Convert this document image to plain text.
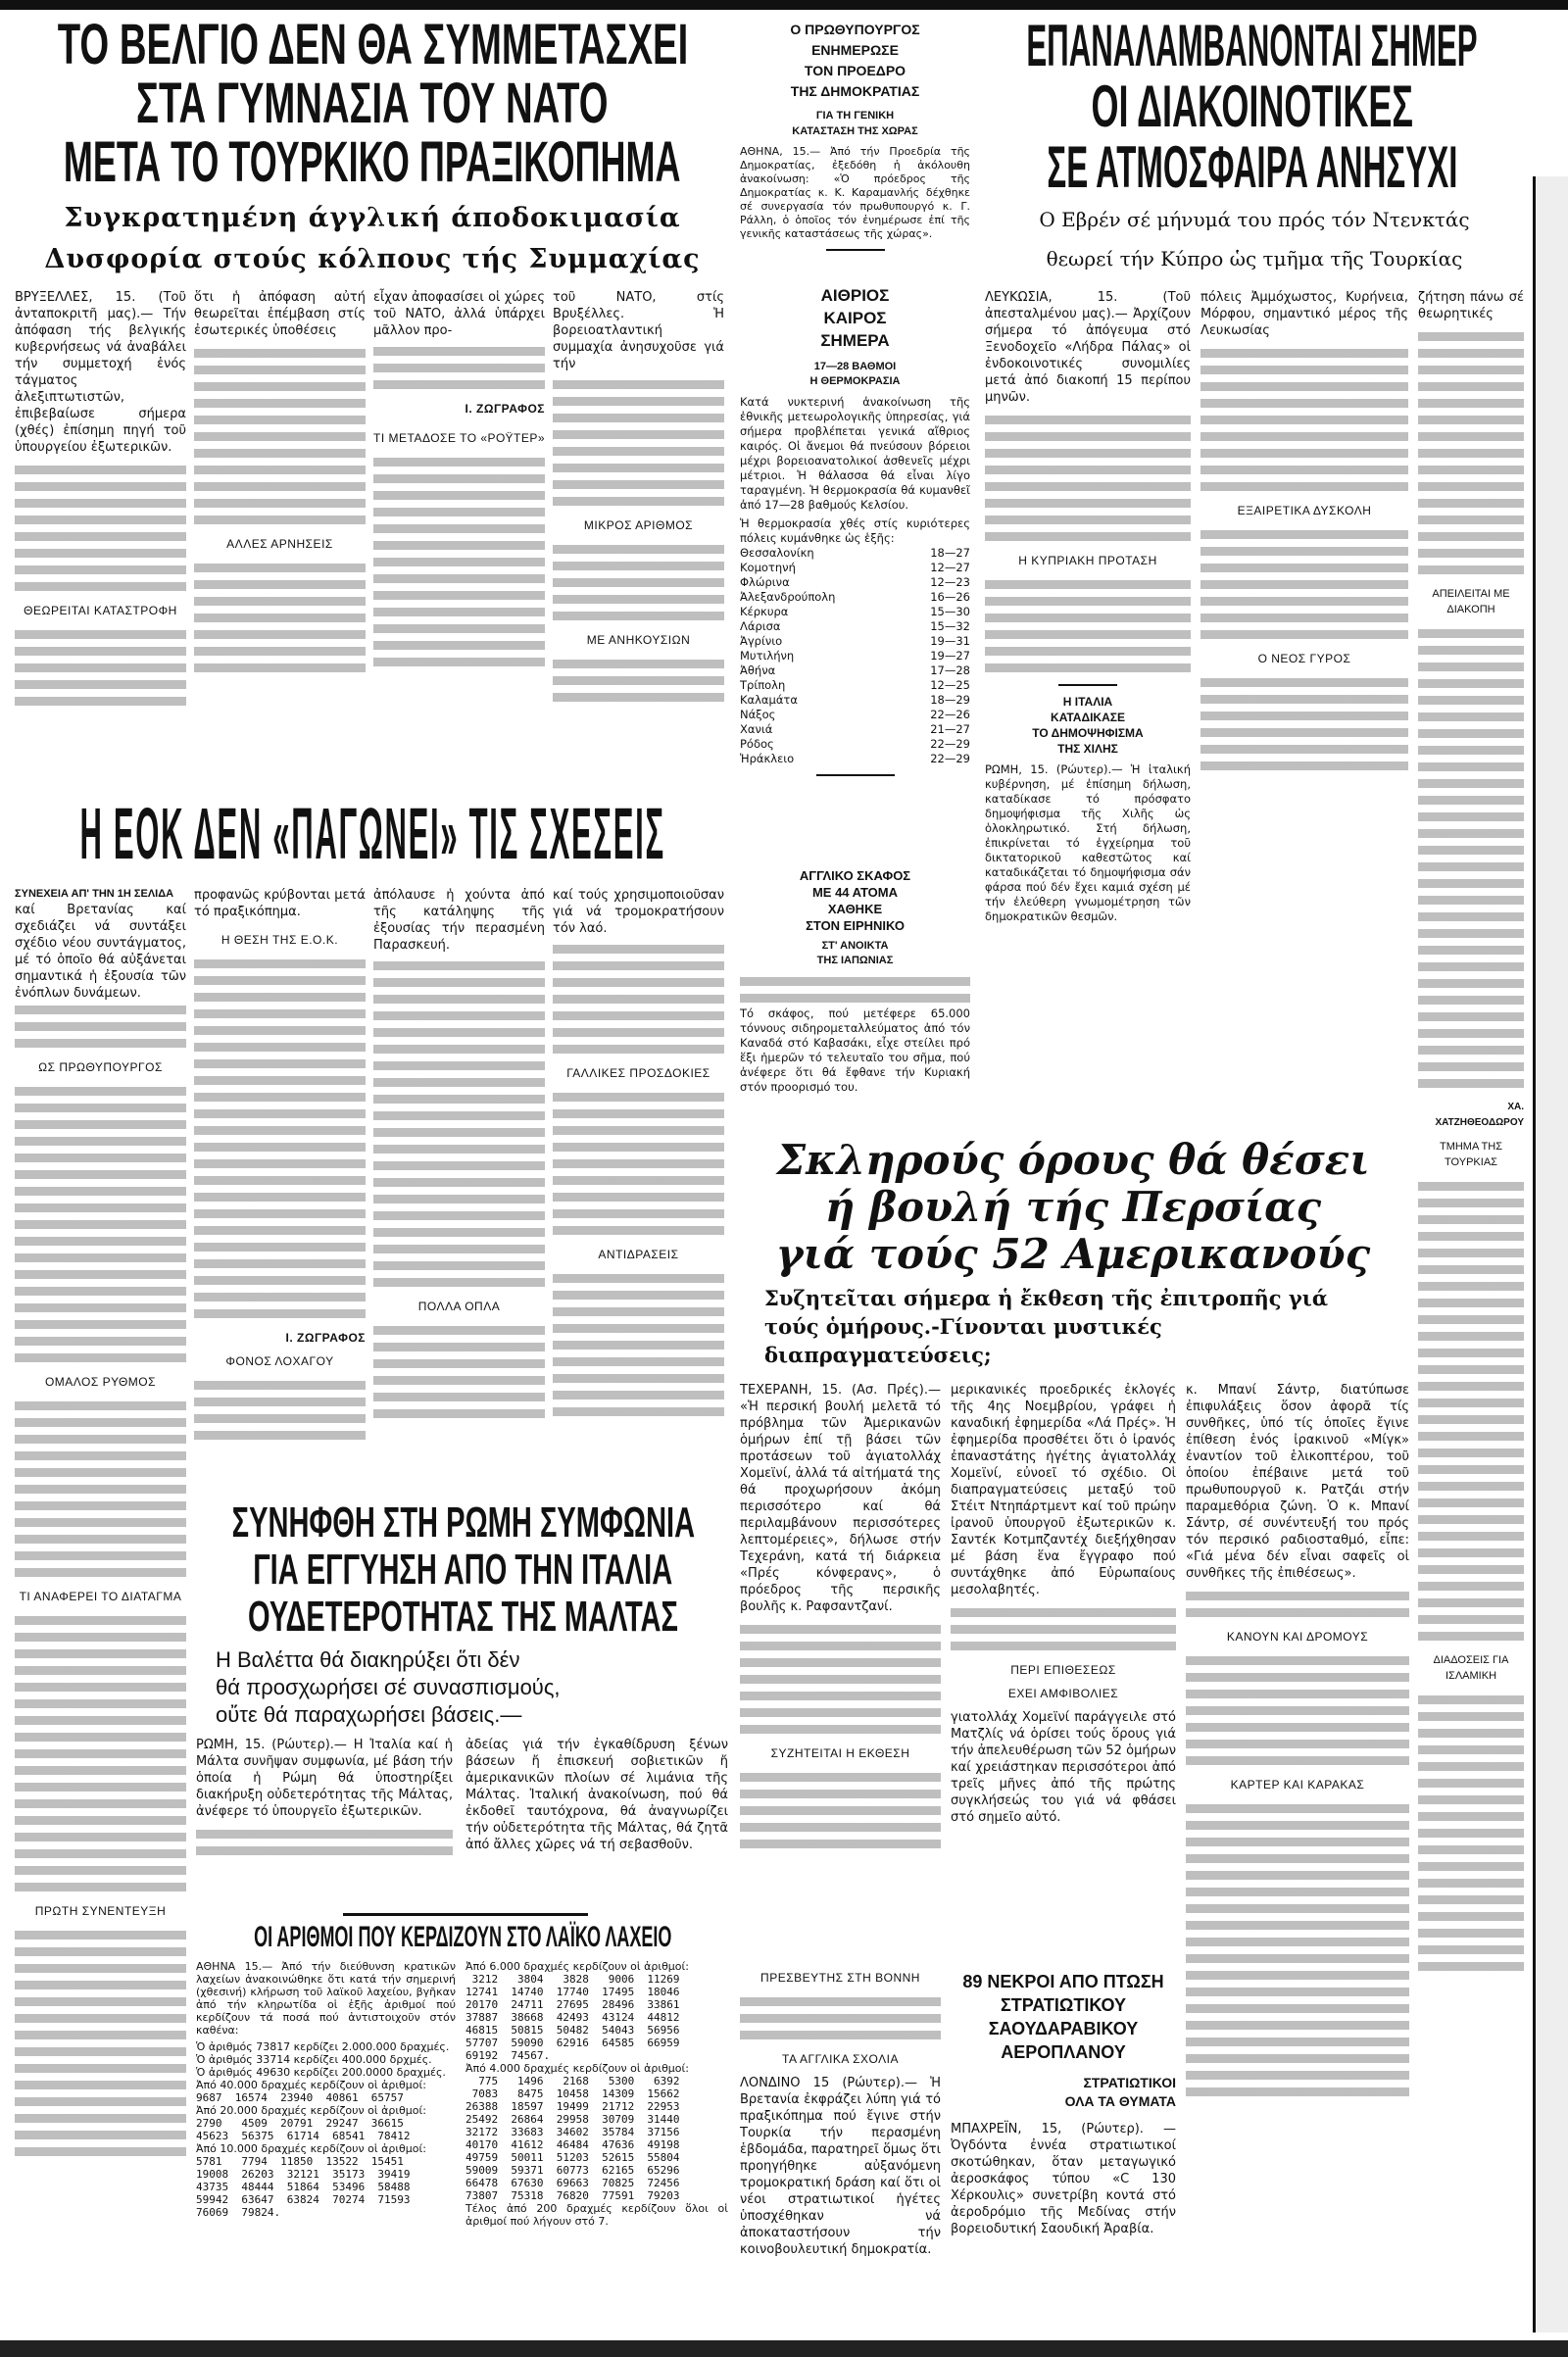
ΤΟ ΒΕΛΓΙΟ ΔΕΝ ΘΑ ΣΥΜΜΕΤΑΣΧΕΙ
ΣΤΑ ΓΥΜΝΑΣΙΑ ΤΟΥ ΝΑΤΟ
ΜΕΤΑ ΤΟ ΤΟΥΡΚΙΚΟ ΠΡΑΞΙΚΟΠΗΜΑ
Συγκρατημένη άγγλική άποδοκιμασία
Δυσφορία στούς κόλπους τής Συμμαχίας
ΒΡΥΞΕΛΛΕΣ, 15. (Τοῦ ἀνταποκριτῆ μας).— Τήν ἀπόφαση τής βελγικής κυβερνήσεως νά ἀναβάλει τήν συμμετοχή ἑνός τάγματος ἀλεξιπτωτιστῶν, ἐπιβεβαίωσε σήμερα (χθές) ἐπίσημη πηγή τοῦ ὑπουργείου ἐξωτερικῶν.
ΘΕΩΡΕΙΤΑΙ ΚΑΤΑΣΤΡΟΦΗ
ὅτι ἡ ἀπόφαση αὐτή θεωρεῖται ἐπέμβαση στίς ἐσωτερικές ὑποθέσεις
ΑΛΛΕΣ ΑΡΝΗΣΕΙΣ
εἶχαν ἀποφασίσει οἱ χώρες τοῦ ΝΑΤΟ, ἀλλά ὑπάρχει μᾶλλον προ-
Ι. ΖΩΓΡΑΦΟΣ
ΤΙ ΜΕΤΑΔΟΣΕ ΤΟ «ΡΟΫΤΕΡ»
τοῦ ΝΑΤΟ, στίς Βρυξέλλες. Ἡ βορειοατλαντική συμμαχία ἀνησυχοῦσε γιά τήν
ΜΙΚΡΟΣ ΑΡΙΘΜΟΣ
ΜΕ ΑΝΗΚΟΥΣΙΩΝ
Ο ΠΡΩΘΥΠΟΥΡΓΟΣ
ΕΝΗΜΕΡΩΣΕ
ΤΟΝ ΠΡΟΕΔΡΟ
ΤΗΣ ΔΗΜΟΚΡΑΤΙΑΣ
ΓΙΑ ΤΗ ΓΕΝΙΚΗ
ΚΑΤΑΣΤΑΣΗ ΤΗΣ ΧΩΡΑΣ
ΑΘΗΝΑ, 15.— Ἀπό τήν Προεδρία τῆς Δημοκρατίας, ἐξεδόθη ἡ ἀκόλουθη ἀνακοίνωση: «Ὁ πρόεδρος τῆς Δημοκρατίας κ. Κ. Καραμανλής δέχθηκε σέ συνεργασία τόν πρωθυπουργό κ. Γ. Ράλλη, ὁ ὁποῖος τόν ἐνημέρωσε ἐπί τῆς γενικῆς καταστάσεως τῆς χώρας».
ΑΙΘΡΙΟΣ
ΚΑΙΡΟΣ
ΣΗΜΕΡΑ
17—28 ΒΑΘΜΟΙ
Η ΘΕΡΜΟΚΡΑΣΙΑ
Κατά νυκτερινή ἀνακοίνωση τῆς ἐθνικῆς μετεωρολογικῆς ὑπηρεσίας, γιά σήμερα προβλέπεται γενικά αἴθριος καιρός. Οἱ ἄνεμοι θά πνεύσουν βόρειοι μέχρι βορειοανατολικοί ἀσθενεῖς μέχρι μέτριοι. Ἡ θάλασσα θά εἶναι λίγο ταραγμένη. Ἡ θερμοκρασία θά κυμανθεῖ ἀπό 17—28 βαθμούς Κελσίου.
Ἡ θερμοκρασία χθές στίς κυριότερες πόλεις κυμάνθηκε ὡς ἑξῆς:
Θεσσαλονίκη	18—27
Κομοτηνή	12—27
Φλώρινα	12—23
Ἀλεξανδρούπολη	16—26
Κέρκυρα	15—30
Λάρισα	15—32
Ἀγρίνιο	19—31
Μυτιλήνη	19—27
Ἀθήνα	17—28
Τρίπολη	12—25
Καλαμάτα	18—29
Νάξος	22—26
Χανιά	21—27
Ρόδος	22—29
Ἡράκλειο	22—29
ΑΓΓΛΙΚΟ ΣΚΑΦΟΣ
ΜΕ 44 ΑΤΟΜΑ
ΧΑΘΗΚΕ
ΣΤΟΝ ΕΙΡΗΝΙΚΟ
ΣΤ' ΑΝΟΙΚΤΑ
ΤΗΣ ΙΑΠΩΝΙΑΣ
Τό σκάφος, πού μετέφερε 65.000 τόννους σιδηρομεταλλεύματος ἀπό τόν Καναδά στό Καβασάκι, εἶχε στείλει πρό ἕξι ἡμερῶν τό τελευταῖο του σῆμα, πού ἀνέφερε ὅτι θά ἔφθανε τήν Κυριακή στόν προορισμό του.
ΕΠΑΝΑΛΑΜΒΑΝΟΝΤΑΙ ΣΗΜΕΡ
ΟΙ ΔΙΑΚΟΙΝΟΤΙΚΕΣ
ΣΕ ΑΤΜΟΣΦΑΙΡΑ ΑΝΗΣΥΧΙ
Ο Εβρέν σέ μήνυμά του πρός τόν Ντενκτάς
θεωρεί τήν Κύπρο ὡς τμῆμα τῆς Τουρκίας
ΛΕΥΚΩΣΙΑ, 15. (Τοῦ ἀπεσταλμένου μας).— Ἀρχίζουν σήμερα τό ἀπόγευμα στό Ξενοδοχεῖο «Λήδρα Πάλας» οἱ ἐνδοκοινοτικές συνομιλίες μετά ἀπό διακοπή 15 περίπου μηνῶν.
Η ΚΥΠΡΙΑΚΗ ΠΡΟΤΑΣΗ
Η ΙΤΑΛΙΑ
ΚΑΤΑΔΙΚΑΣΕ
ΤΟ ΔΗΜΟΨΗΦΙΣΜΑ
ΤΗΣ ΧΙΛΗΣ
ΡΩΜΗ, 15. (Ρώυτερ).— Ἡ ἰταλική κυβέρνηση, μέ ἐπίσημη δήλωση, καταδίκασε τό πρόσφατο δημοψήφισμα τῆς Χιλῆς ὡς ὁλοκληρωτικό. Στή δήλωση, ἐπικρίνεται τό ἐγχείρημα τοῦ δικτατορικοῦ καθεστῶτος καί καταδικάζεται τό δημοψήφισμα σάν φάρσα πού δέν ἔχει καμιά σχέση μέ τήν ἐλεύθερη γνωμομέτρηση τῶν δημοκρατικῶν θεσμῶν.
πόλεις Ἀμμόχωστος, Κυρήνεια, Μόρφου, σημαντικό μέρος τῆς Λευκωσίας
ΕΞΑΙΡΕΤΙΚΑ ΔΥΣΚΟΛΗ
Ο ΝΕΟΣ ΓΥΡΟΣ
ζήτηση πάνω σέ θεωρητικές
ΑΠΕΙΛΕΙΤΑΙ ΜΕ ΔΙΑΚΟΠΗ
ΧΑ. ΧΑΤΖΗΘΕΟΔΩΡΟΥ
ΤΜΗΜΑ ΤΗΣ ΤΟΥΡΚΙΑΣ
ΔΙΑΔΟΣΕΙΣ ΓΙΑ ΙΣΛΑΜΙΚΗ
Η ΕΟΚ ΔΕΝ «ΠΑΓΩΝΕΙ» ΤΙΣ ΣΧΕΣΕΙΣ
ΣΥΝΕΧΕΙΑ ΑΠ' ΤΗΝ 1Η ΣΕΛΙΔΑ
καί Βρετανίας καί σχεδιάζει νά συντάξει σχέδιο νέου συντάγματος, μέ τό ὁποῖο θά αὐξάνεται σημαντικά ἡ ἐξουσία τῶν ἐνόπλων δυνάμεων.
ΩΣ ΠΡΩΘΥΠΟΥΡΓΟΣ
ΟΜΑΛΟΣ ΡΥΘΜΟΣ
ΤΙ ΑΝΑΦΕΡΕΙ ΤΟ ΔΙΑΤΑΓΜΑ
ΠΡΩΤΗ ΣΥΝΕΝΤΕΥΞΗ
προφανῶς κρύβονται μετά τό πραξικόπημα.
Η ΘΕΣΗ ΤΗΣ Ε.Ο.Κ.
Ι. ΖΩΓΡΑΦΟΣ
ΦΟΝΟΣ ΛΟΧΑΓΟΥ
ἀπόλαυσε ἡ χούντα ἀπό τῆς κατάληψης τῆς ἐξουσίας τήν περασμένη Παρασκευή.
ΠΟΛΛΑ ΟΠΛΑ
καί τούς χρησιμοποιοῦσαν γιά νά τρομοκρατήσουν τόν λαό.
ΓΑΛΛΙΚΕΣ ΠΡΟΣΔΟΚΙΕΣ
ΑΝΤΙΔΡΑΣΕΙΣ
Σκληρούς όρους θά θέσει
ή βουλή τής Περσίας
γιά τούς 52 Αμερικανούς
Συζητεῖται σήμερα ἡ ἔκθεση τῆς ἐπιτροπῆς γιά τούς ὁμήρους.-Γίνονται μυστικές διαπραγματεύσεις;
ΤΕΧΕΡΑΝΗ, 15. (Ασ. Πρές).— «Ἡ περσική βουλή μελετᾶ τό πρόβλημα τῶν Ἀμερικανῶν ὁμήρων ἐπί τῇ βάσει τῶν προτάσεων τοῦ ἀγιατολλάχ Χομεϊνί, ἀλλά τά αἰτήματά της θά προχωρήσουν ἀκόμη περισσότερο καί θά περιλαμβάνουν περισσότερες λεπτομέρειες», δήλωσε στήν Τεχεράνη, κατά τή διάρκεια «Πρές κόνφερανς», ὁ πρόεδρος τῆς περσικῆς βουλῆς κ. Ραφσαντζανί.
ΣΥΖΗΤΕΙΤΑΙ Η ΕΚΘΕΣΗ
μερικανικές προεδρικές ἐκλογές τῆς 4ης Νοεμβρίου, γράφει ἡ καναδική ἐφημερίδα «Λά Πρές». Ἡ ἐφημερίδα προσθέτει ὅτι ὁ ἰρανός ἐπαναστάτης ἡγέτης ἀγιατολλάχ Χομεϊνί, εὐνοεῖ τό σχέδιο. Οἱ διαπραγματεύσεις μεταξύ τοῦ Στέιτ Ντηπάρτμεντ καί τοῦ πρώην ἰρανοῦ ὑπουργοῦ ἐξωτερικῶν κ. Σαντέκ Κοτμπζαντέχ διεξήχθησαν μέ βάση ἕνα ἔγγραφο πού συντάχθηκε ἀπό Εὐρωπαίους μεσολαβητές.
ΠΕΡΙ ΕΠΙΘΕΣΕΩΣ
ΕΧΕΙ ΑΜΦΙΒΟΛΙΕΣ
γιατολλάχ Χομεϊνί παράγγειλε στό Ματζλίς νά ὁρίσει τούς ὅρους γιά τήν ἀπελευθέρωση τῶν 52 ὁμήρων καί χρειάστηκαν περισσότεροι ἀπό τρεῖς μῆνες ἀπό τῆς πρώτης συγκλήσεώς του γιά νά φθάσει στό σημεῖο αὐτό.
κ. Μπανί Σάντρ, διατύπωσε ἐπιφυλάξεις ὅσον ἀφορᾶ τίς συνθῆκες, ὑπό τίς ὁποῖες ἔγινε ἐπίθεση ἑνός ἰρακινοῦ «Μίγκ» ἐναντίον τοῦ ἑλικοπτέρου, τοῦ ὁποίου ἐπέβαινε μετά τοῦ πρωθυπουργοῦ κ. Ρατζάι στήν παραμεθόρια ζώνη. Ὁ κ. Μπανί Σάντρ, σέ συνέντευξή του πρός τόν περσικό ραδιοσταθμό, εἶπε: «Γιά μένα δέν εἶναι σαφεῖς οἱ συνθῆκες τῆς ἐπιθέσεως».
ΚΑΝΟΥΝ ΚΑΙ ΔΡΟΜΟΥΣ
ΚΑΡΤΕΡ ΚΑΙ ΚΑΡΑΚΑΣ
ΠΡΕΣΒΕΥΤΗΣ ΣΤΗ ΒΟΝΝΗ
ΤΑ ΑΓΓΛΙΚΑ ΣΧΟΛΙΑ
ΛΟΝΔΙΝΟ 15 (Ρώυτερ).— Ἡ Βρετανία ἐκφράζει λύπη γιά τό πραξικόπημα πού ἔγινε στήν Τουρκία τήν περασμένη ἑβδομάδα, παρατηρεῖ ὅμως ὅτι προηγήθηκε αὐξανόμενη τρομοκρατική δράση καί ὅτι οἱ νέοι στρατιωτικοί ἡγέτες ὑποσχέθηκαν νά ἀποκαταστήσουν τήν κοινοβουλευτική δημοκρατία.
89 ΝΕΚΡΟΙ ΑΠΟ ΠΤΩΣΗ
ΣΤΡΑΤΙΩΤΙΚΟΥ
ΣΑΟΥΔΑΡΑΒΙΚΟΥ
ΑΕΡΟΠΛΑΝΟΥ
ΣΤΡΑΤΙΩΤΙΚΟΙ
ΟΛΑ ΤΑ ΘΥΜΑΤΑ
ΜΠΑΧΡΕΪΝ, 15, (Ρώυτερ). — Ὀγδόντα ἐννέα στρατιωτικοί σκοτώθηκαν, ὅταν μεταγωγικό ἀεροσκάφος τύπου «C 130 Χέρκουλις» συνετρίβη κοντά στό ἀεροδρόμιο τῆς Μεδίνας στήν βορειοδυτική Σαουδική Ἀραβία.
ΣΥΝΗΦΘΗ ΣΤΗ ΡΩΜΗ ΣΥΜΦΩΝΙΑ
ΓΙΑ ΕΓΓΥΗΣΗ ΑΠΟ ΤΗΝ ΙΤΑΛΙΑ
ΟΥΔΕΤΕΡΟΤΗΤΑΣ ΤΗΣ ΜΑΛΤΑΣ
Η Βαλέττα θά διακηρύξει ὅτι δέν
θά προσχωρήσει σέ συνασπισμούς,
οὔτε θά παραχωρήσει βάσεις.—
ΡΩΜΗ, 15. (Ρώυτερ).— Η Ἰταλία καί ἡ Μάλτα συνῆψαν συμφωνία, μέ βάση τήν ὁποία ἡ Ρώμη θά ὑποστηρίξει διακήρυξη οὐδετερότητας τῆς Μάλτας, ἀνέφερε τό ὑπουργεῖο ἐξωτερικῶν.
ἀδείας γιά τήν ἐγκαθίδρυση ξένων βάσεων ἤ ἐπισκευή σοβιετικῶν ἤ ἀμερικανικῶν πλοίων σέ λιμάνια τῆς Μάλτας. Ἰταλική ἀνακοίνωση, πού θά ἐκδοθεῖ ταυτόχρονα, θά ἀναγνωρίζει τήν οὐδετερότητα τῆς Μάλτας, θά ζητᾶ ἀπό ἄλλες χῶρες νά τή σεβασθοῦν.
ΟΙ ΑΡΙΘΜΟΙ ΠΟΥ ΚΕΡΔΙΖΟΥΝ ΣΤΟ ΛΑΪΚΟ ΛΑΧΕΙΟ
ΑΘΗΝΑ 15.— Ἀπό τήν διεύθυνση κρατικῶν λαχείων ἀνακοινώθηκε ὅτι κατά τήν σημερινή (χθεσινή) κλήρωση τοῦ λαϊκοῦ λαχείου, βγῆκαν ἀπό τήν κληρωτίδα οἱ ἑξῆς ἀριθμοί πού κερδίζουν τά ποσά πού ἀντιστοιχοῦν στόν καθένα:
Ὁ ἀριθμός 73817 κερδίζει 2.000.000 δραχμές.
Ὁ ἀριθμός 33714 κερδίζει 400.000 δρχμές.
Ὁ ἀριθμός 49630 κερδίζει 200.0000 δραχμές.
Ἀπό 40.000 δραχμές κερδίζουν οἱ ἀριθμοί:
9687  16574  23940  40861  65757
Ἀπό 20.000 δραχμές κερδίζουν οἱ ἀριθμοί:
2790   4509  20791  29247  36615
45623  56375  61714  68541  78412
Ἀπό 10.000 δραχμές κερδίζουν οἱ ἀριθμοί:
5781   7794  11850  13522  15451
19008  26203  32121  35173  39419
43735  48444  51864  53496  58488
59942  63647  63824  70274  71593
76069  79824.
Ἀπό 6.000 δραχμές κερδίζουν οἱ ἀριθμοί:
3212   3804   3828   9006  11269
12741  14740  17740  17495  18046
20170  24711  27695  28496  33861
37887  38668  42493  43124  44812
46815  50815  50482  54043  56956
57707  59090  62916  64585  66959
69192  74567.
Ἀπό 4.000 δραχμές κερδίζουν οἱ ἀριθμοί:
775   1496   2168   5300   6392
7083   8475  10458  14309  15662
26388  18597  19499  21712  22953
25492  26864  29958  30709  31440
32172  33683  34602  35784  37156
40170  41612  46484  47636  49198
49759  50011  51203  52615  55804
59009  59371  60773  62165  65296
66478  67630  69663  70825  72456
73807  75318  76820  77591  79203
Τέλος ἀπό 200 δραχμές κερδίζουν ὅλοι οἱ ἀριθμοί πού λήγουν στό 7.
